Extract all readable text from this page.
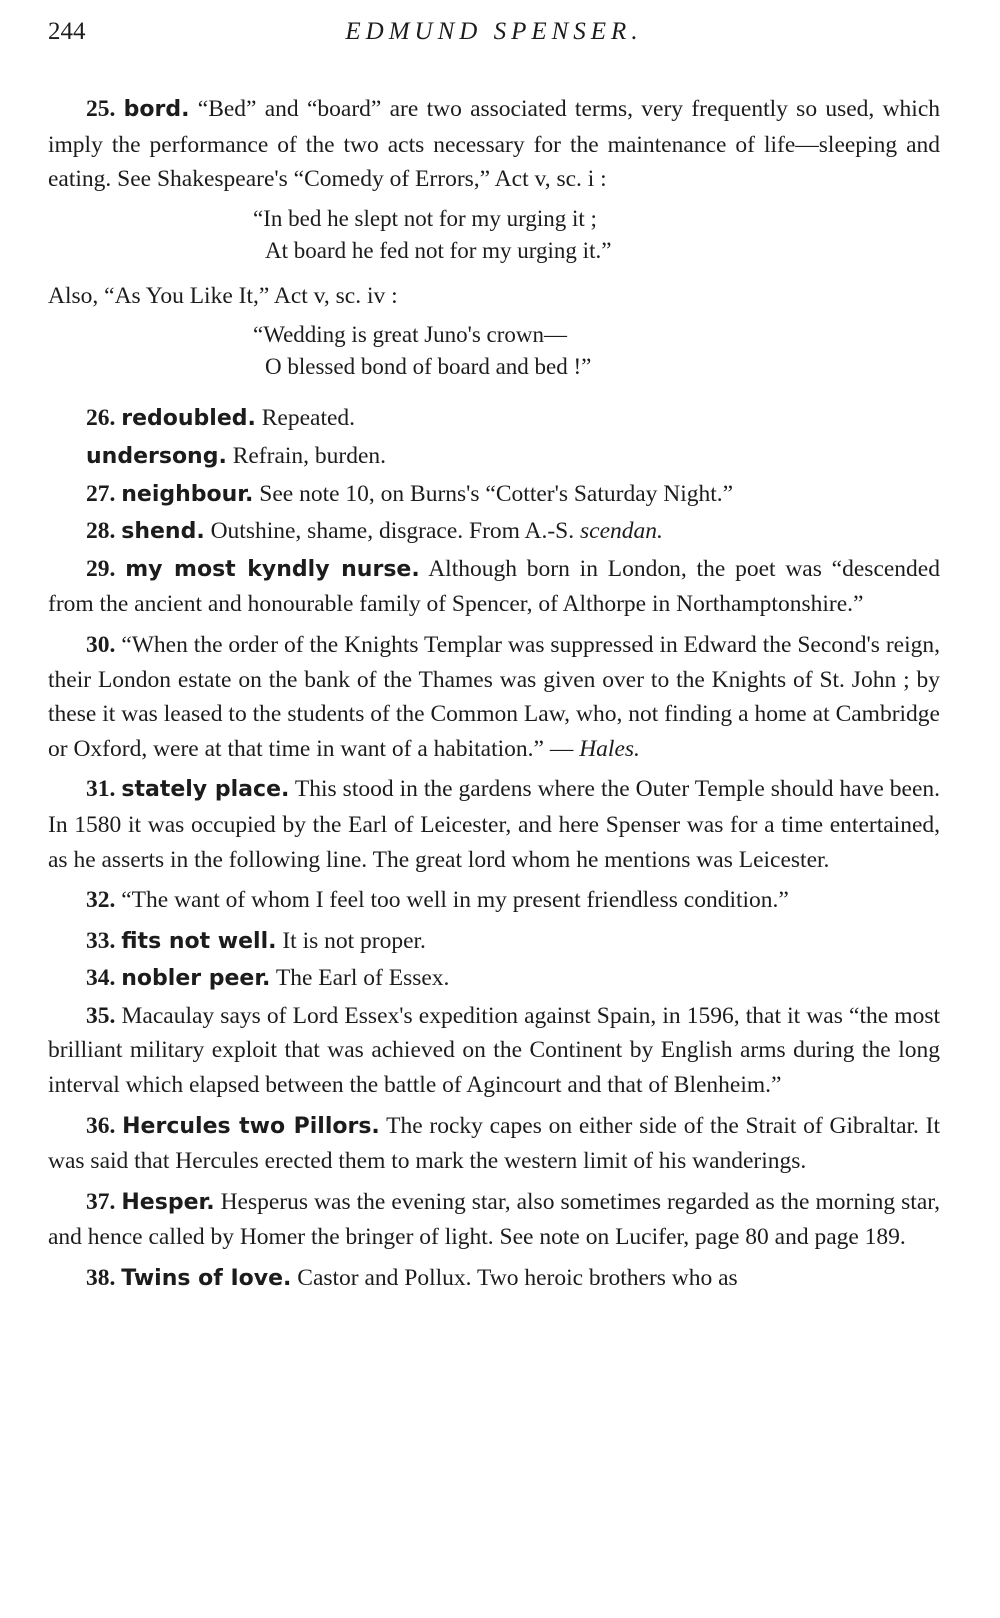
244	EDMUND SPENSER.

25. bord. “Bed” and “board” are two associated terms, very frequently so used, which imply the performance of the two acts necessary for the maintenance of life—sleeping and eating. See Shakespeare's “Comedy of Errors,” Act v, sc. i :

“In bed he slept not for my urging it ;
At board he fed not for my urging it.”

Also, “As You Like It,” Act v, sc. iv :

“Wedding is great Juno's crown—
O blessed bond of board and bed !”

26. redoubled. Repeated.

undersong. Refrain, burden.

27. neighbour. See note 10, on Burns's “Cotter's Saturday Night.”

28. shend. Outshine, shame, disgrace. From A.-S. scendan.

29. my most kyndly nurse. Although born in London, the poet was “descended from the ancient and honourable family of Spencer, of Althorpe in Northamptonshire.”

30. “When the order of the Knights Templar was suppressed in Edward the Second's reign, their London estate on the bank of the Thames was given over to the Knights of St. John ; by these it was leased to the students of the Common Law, who, not finding a home at Cambridge or Oxford, were at that time in want of a habitation.” — Hales.

31. stately place. This stood in the gardens where the Outer Temple should have been. In 1580 it was occupied by the Earl of Leicester, and here Spenser was for a time entertained, as he asserts in the following line. The great lord whom he mentions was Leicester.

32. “The want of whom I feel too well in my present friendless condition.”

33. fits not well. It is not proper.

34. nobler peer. The Earl of Essex.

35. Macaulay says of Lord Essex's expedition against Spain, in 1596, that it was “the most brilliant military exploit that was achieved on the Continent by English arms during the long interval which elapsed between the battle of Agincourt and that of Blenheim.”

36. Hercules two Pillors. The rocky capes on either side of the Strait of Gibraltar. It was said that Hercules erected them to mark the western limit of his wanderings.

37. Hesper. Hesperus was the evening star, also sometimes regarded as the morning star, and hence called by Homer the bringer of light. See note on Lucifer, page 80 and page 189.

38. Twins of Iove. Castor and Pollux. Two heroic brothers who as
